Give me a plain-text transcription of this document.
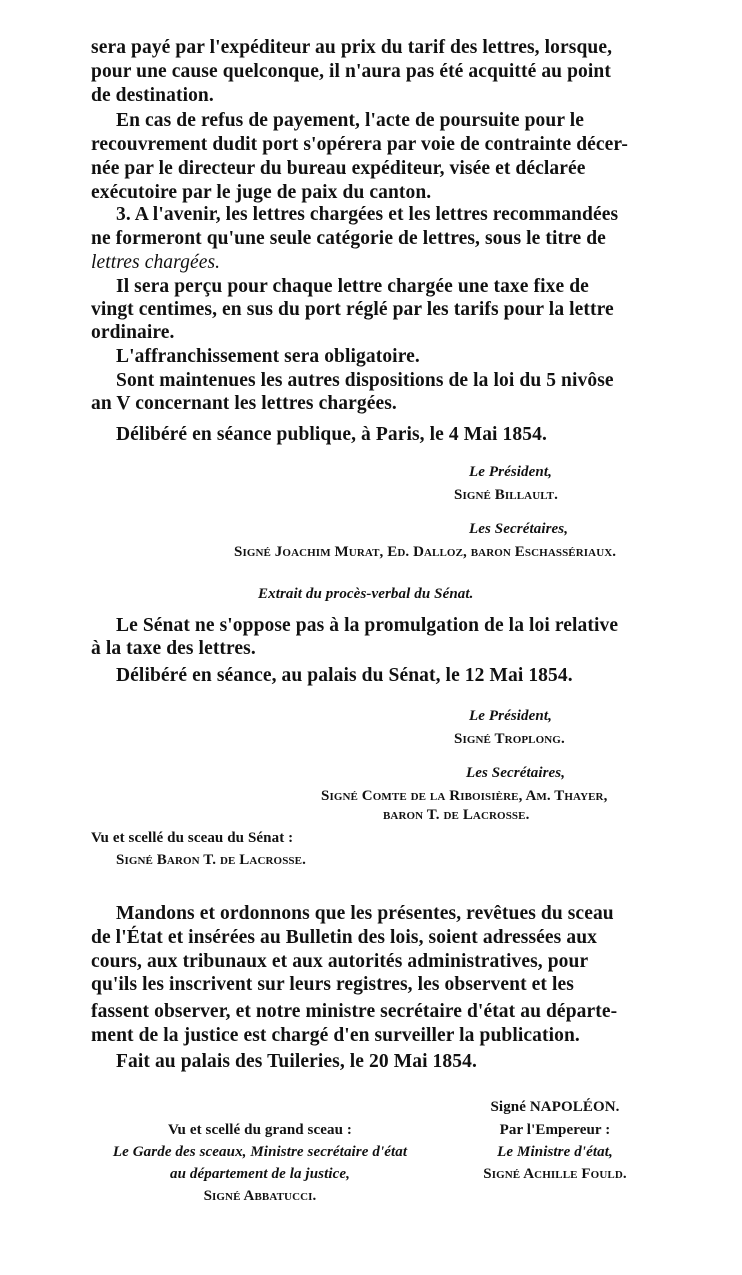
sera payé par l'expéditeur au prix du tarif des lettres, lorsque,
pour une cause quelconque, il n'aura pas été acquitté au point
de destination.
En cas de refus de payement, l'acte de poursuite pour le
recouvrement dudit port s'opérera par voie de contrainte décer-
née par le directeur du bureau expéditeur, visée et déclarée
exécutoire par le juge de paix du canton.
3. A l'avenir, les lettres chargées et les lettres recommandées
ne formeront qu'une seule catégorie de lettres, sous le titre de
lettres chargées.
Il sera perçu pour chaque lettre chargée une taxe fixe de
vingt centimes, en sus du port réglé par les tarifs pour la lettre
ordinaire.
L'affranchissement sera obligatoire.
Sont maintenues les autres dispositions de la loi du 5 nivôse
an V concernant les lettres chargées.
Délibéré en séance publique, à Paris, le 4 Mai 1854.
Le Président,
Signé Billault.
Les Secrétaires,
Signé Joachim Murat, Ed. Dalloz, baron Eschassériaux.
Extrait du procès-verbal du Sénat.
Le Sénat ne s'oppose pas à la promulgation de la loi relative
à la taxe des lettres.
Délibéré en séance, au palais du Sénat, le 12 Mai 1854.
Le Président,
Signé Troplong.
Les Secrétaires,
Signé Comte de la Riboisière, Am. Thayer,
baron T. de Lacrosse.
Vu et scellé du sceau du Sénat :
Signé Baron T. de Lacrosse.
Mandons et ordonnons que les présentes, revêtues du sceau
de l'État et insérées au Bulletin des lois, soient adressées aux
cours, aux tribunaux et aux autorités administratives, pour
qu'ils les inscrivent sur leurs registres, les observent et les
fassent observer, et notre ministre secrétaire d'état au départe-
ment de la justice est chargé d'en surveiller la publication.
Fait au palais des Tuileries, le 20 Mai 1854.
Vu et scellé du grand sceau :
Le Garde des sceaux, Ministre secrétaire d'état
au département de la justice,
Signé Abbatucci.
Signé NAPOLÉON.
Par l'Empereur :
Le Ministre d'état,
Signé Achille Fould.
